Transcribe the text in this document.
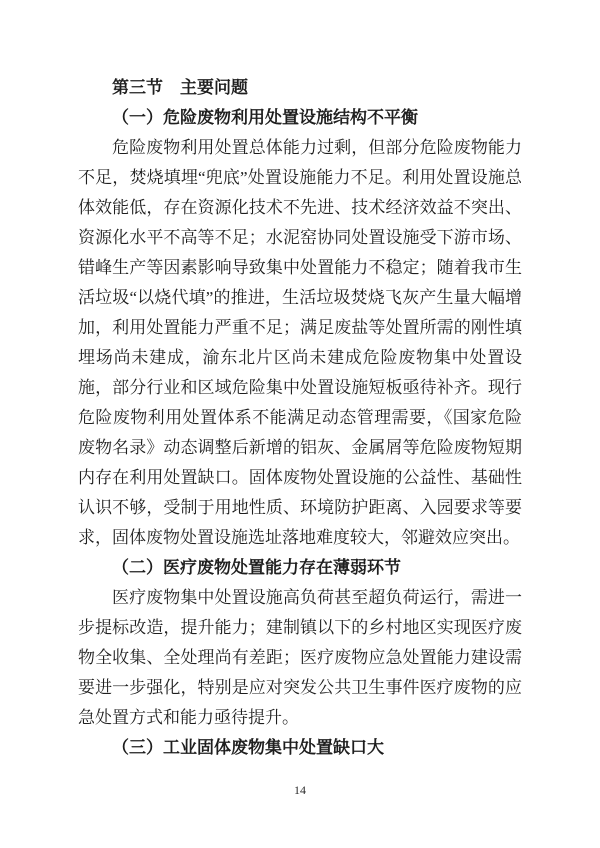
第三节　主要问题

（一）危险废物利用处置设施结构不平衡

危险废物利用处置总体能力过剩，但部分危险废物能力不足，焚烧填埋“兜底”处置设施能力不足。利用处置设施总体效能低，存在资源化技术不先进、技术经济效益不突出、资源化水平不高等不足；水泥窑协同处置设施受下游市场、错峰生产等因素影响导致集中处置能力不稳定；随着我市生活垃圾“以烧代填”的推进，生活垃圾焚烧飞灰产生量大幅增加，利用处置能力严重不足；满足废盐等处置所需的刚性填埋场尚未建成，渝东北片区尚未建成危险废物集中处置设施，部分行业和区域危险集中处置设施短板亟待补齐。现行危险废物利用处置体系不能满足动态管理需要，《国家危险废物名录》动态调整后新增的铝灰、金属屑等危险废物短期内存在利用处置缺口。固体废物处置设施的公益性、基础性认识不够，受制于用地性质、环境防护距离、入园要求等要求，固体废物处置设施选址落地难度较大，邻避效应突出。

（二）医疗废物处置能力存在薄弱环节

医疗废物集中处置设施高负荷甚至超负荷运行，需进一步提标改造，提升能力；建制镇以下的乡村地区实现医疗废物全收集、全处理尚有差距；医疗废物应急处置能力建设需要进一步强化，特别是应对突发公共卫生事件医疗废物的应急处置方式和能力亟待提升。

（三）工业固体废物集中处置缺口大

14
